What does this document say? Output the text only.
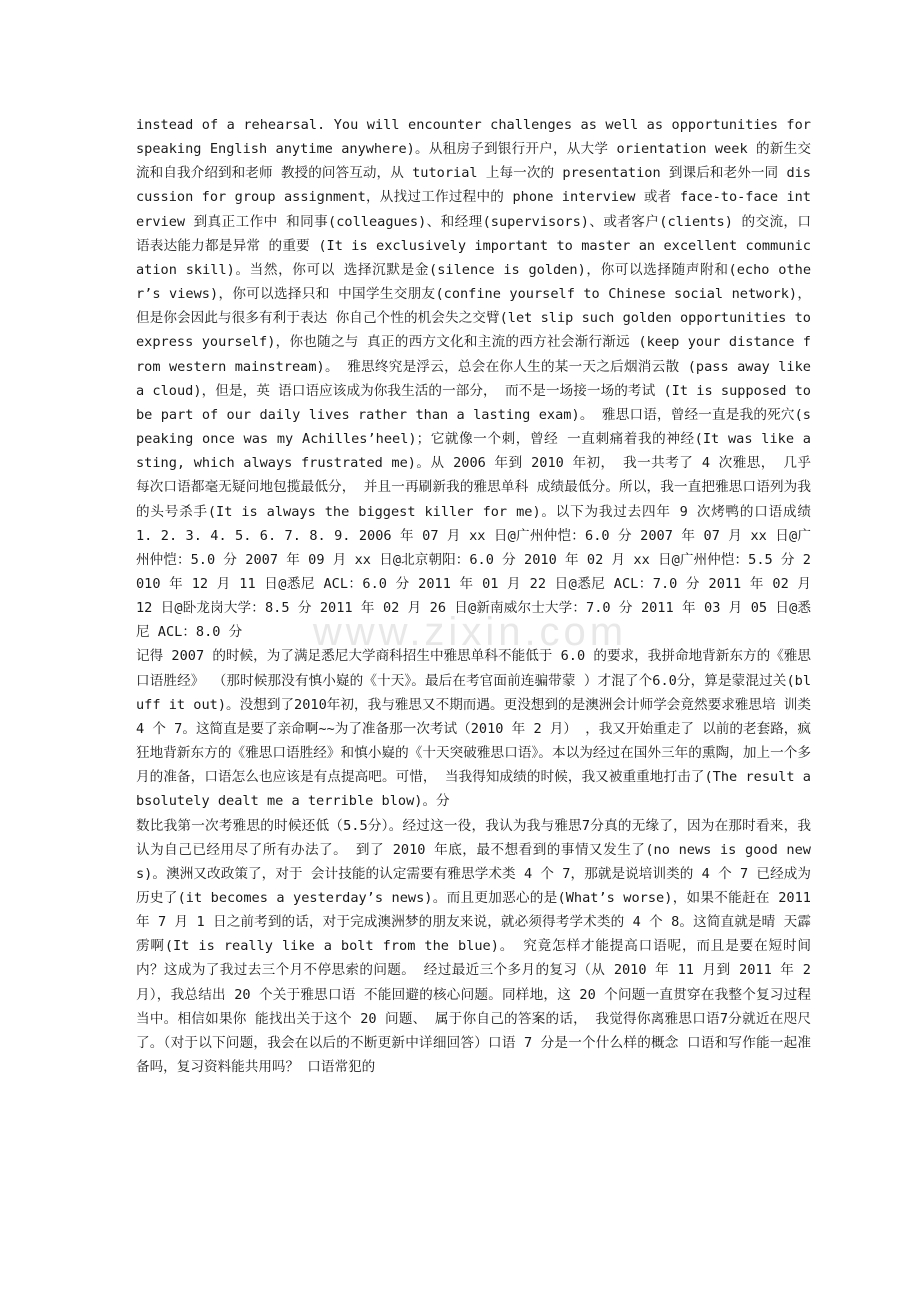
www.zixin.com

instead of a rehearsal. You will encounter challenges as well as opportunities for speaking English anytime anywhere)。从租房子到银行开户，从大学 orientation week 的新生交流和自我介绍到和老师 教授的问答互动，从 tutorial 上每一次的 presentation 到课后和老外一同 discussion for group assignment，从找过工作过程中的 phone interview 或者 face-to-face interview 到真正工作中 和同事(colleagues)、和经理(supervisors)、或者客户(clients) 的交流，口语表达能力都是异常 的重要 (It is exclusively important to master an excellent communication skill)。当然，你可以 选择沉默是金(silence is golden)，你可以选择随声附和(echo other’s views)，你可以选择只和 中国学生交朋友(confine yourself to Chinese social network)， 但是你会因此与很多有利于表达 你自己个性的机会失之交臂(let slip such golden opportunities to express yourself)，你也随之与 真正的西方文化和主流的西方社会渐行渐远 (keep your distance from western mainstream)。 雅思终究是浮云，总会在你人生的某一天之后烟消云散 (pass away like a cloud)，但是，英 语口语应该成为你我生活的一部分， 而不是一场接一场的考试 (It is supposed to be part of our daily lives rather than a lasting exam)。 雅思口语，曾经一直是我的死穴(speaking once was my Achilles’heel)；它就像一个刺，曾经 一直刺痛着我的神经(It was like a sting, which always frustrated me)。从 2006 年到 2010 年初， 我一共考了 4 次雅思， 几乎每次口语都毫无疑问地包揽最低分， 并且一再刷新我的雅思单科 成绩最低分。所以，我一直把雅思口语列为我的头号杀手(It is always the biggest killer for me)。以下为我过去四年 9 次烤鸭的口语成绩 1. 2. 3. 4. 5. 6. 7. 8. 9. 2006 年 07 月 xx 日@广州仲恺：6.0 分 2007 年 07 月 xx 日@广州仲恺：5.0 分 2007 年 09 月 xx 日@北京朝阳：6.0 分 2010 年 02 月 xx 日@广州仲恺：5.5 分 2010 年 12 月 11 日@悉尼 ACL：6.0 分 2011 年 01 月 22 日@悉尼 ACL：7.0 分 2011 年 02 月 12 日@卧龙岗大学：8.5 分 2011 年 02 月 26 日@新南威尔士大学：7.0 分 2011 年 03 月 05 日@悉尼 ACL：8.0 分

记得 2007 的时候，为了满足悉尼大学商科招生中雅思单科不能低于 6.0 的要求，我拼命地背新东方的《雅思口语胜经》 （那时候那没有慎小嶷的《十天》。最后在考官面前连骗带蒙 ）才混了个6.0分，算是蒙混过关(bluff it out)。没想到了2010年初，我与雅思又不期而遇。更没想到的是澳洲会计师学会竟然要求雅思培 训类 4 个 7。这简直是要了亲命啊~~为了准备那一次考试（2010 年 2 月） ，我又开始重走了 以前的老套路，疯狂地背新东方的《雅思口语胜经》和慎小嶷的《十天突破雅思口语》。本以为经过在国外三年的熏陶，加上一个多月的准备，口语怎么也应该是有点提高吧。可惜， 当我得知成绩的时候，我又被重重地打击了(The result absolutely dealt me a terrible blow)。分

数比我第一次考雅思的时候还低（5.5分）。经过这一役，我认为我与雅思7分真的无缘了，因为在那时看来，我认为自己已经用尽了所有办法了。 到了 2010 年底，最不想看到的事情又发生了(no news is good news)。澳洲又改政策了，对于 会计技能的认定需要有雅思学术类 4 个 7，那就是说培训类的 4 个 7 已经成为历史了(it becomes a yesterday’s news)。而且更加恶心的是(What’s worse)，如果不能赶在 2011 年 7 月 1 日之前考到的话，对于完成澳洲梦的朋友来说，就必须得考学术类的 4 个 8。这简直就是晴 天霹雳啊(It is really like a bolt from the blue)。 究竟怎样才能提高口语呢，而且是要在短时间内？这成为了我过去三个月不停思索的问题。 经过最近三个多月的复习（从 2010 年 11 月到 2011 年 2 月），我总结出 20 个关于雅思口语 不能回避的核心问题。同样地，这 20 个问题一直贯穿在我整个复习过程当中。相信如果你 能找出关于这个 20 问题、 属于你自己的答案的话， 我觉得你离雅思口语7分就近在咫尺了。（对于以下问题，我会在以后的不断更新中详细回答）口语 7 分是一个什么样的概念 口语和写作能一起准备吗，复习资料能共用吗？ 口语常犯的
